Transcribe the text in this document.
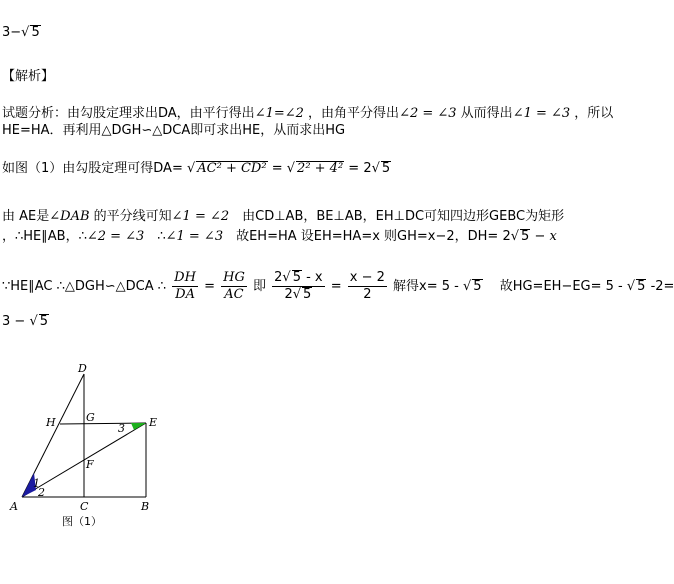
3−√ 5
【解析】
试题分析：由勾股定理求出DA，由平行得出∠1=∠2 ，由角平分得出∠2 = ∠3 从而得出∠1 = ∠3 ，所以
HE=HA．再利用△DGH∽△DCA即可求出HE，从而求出HG
如图（1）由勾股定理可得DA= √ AC² + CD² = √ 2² + 4² = 2√ 5
由 AE是∠DAB 的平分线可知∠1 = ∠2　由CD⊥AB，BE⊥AB，EH⊥DC可知四边形GEBC为矩形
，∴HE∥AB，∴∠2 = ∠3　∴∠1 = ∠3　故EH=HA 设EH=HA=x 则GH=x−2，DH= 2√ 5 − x
∵HE∥AC ∴△DGH∽△DCA ∴ $\frac{DH}{DA} = \frac{HG}{AC}$ 即 $\frac{2√ 5 - x}{2√ 5} = \frac{x - 2}{2}$ 解得x= 5 - √ 5　 故HG=EH−EG= 5 - √ 5 -2=
3 − √ 5
D
H	G	E
3
F
1
2
A	C	B
图（1）
